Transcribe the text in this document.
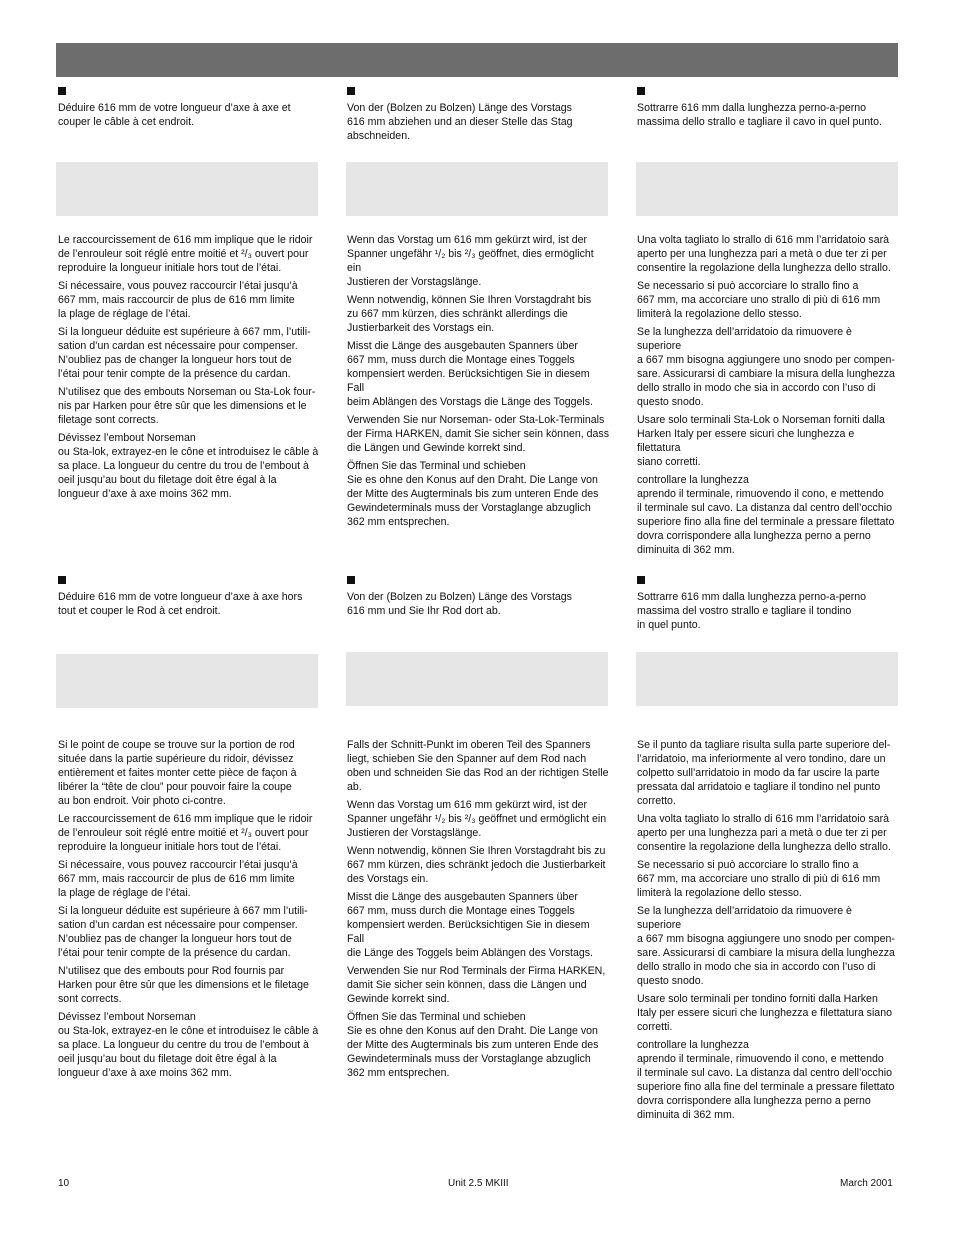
Déduire 616 mm de votre longueur d’axe à axe et
couper le câble à cet endroit.

Von der (Bolzen zu Bolzen) Länge des Vorstags
616 mm abziehen und an dieser Stelle das Stag
abschneiden.

Sottrarre 616 mm dalla lunghezza perno-a-perno
massima dello strallo e tagliare il cavo in quel punto.

Le raccourcissement de 616 mm implique que le ridoir
de l’enrouleur soit réglé entre moitié et ²/₃ ouvert pour
reproduire la longueur initiale hors tout de l’étai.

Si nécessaire, vous pouvez raccourcir l’étai jusqu’à
667 mm, mais raccourcir de plus de 616 mm limite
la plage de réglage de l’étai.

Si la longueur déduite est supérieure à 667 mm, l’utili-
sation d’un cardan est nécessaire pour compenser.
N’oubliez pas de changer la longueur hors tout de
l’étai pour tenir compte de la présence du cardan.

N’utilisez que des embouts Norseman ou Sta-Lok four-
nis par Harken pour être sûr que les dimensions et le
filetage sont corrects.

Dévissez l’embout Norseman
ou Sta-lok, extrayez-en le cône et introduisez le câble à
sa place. La longueur du centre du trou de l’embout à
oeil jusqu’au bout du filetage doit être égal à la
longueur d’axe à axe moins 362 mm.

Wenn das Vorstag um 616 mm gekürzt wird, ist der
Spanner ungefähr ¹/₂ bis ²/₃ geöffnet, dies ermöglicht ein
Justieren der Vorstagslänge.

Wenn notwendig, können Sie Ihren Vorstagdraht bis
zu 667 mm kürzen, dies schränkt allerdings die
Justierbarkeit des Vorstags ein.

Misst die Länge des ausgebauten Spanners über
667 mm, muss durch die Montage eines Toggels
kompensiert werden. Berücksichtigen Sie in diesem Fall
beim Ablängen des Vorstags die Länge des Toggels.

Verwenden Sie nur Norseman- oder Sta-Lok-Terminals
der Firma HARKEN, damit Sie sicher sein können, dass
die Längen und Gewinde korrekt sind.

Öffnen Sie das Terminal und schieben
Sie es ohne den Konus auf den Draht. Die Lange von
der Mitte des Augterminals bis zum unteren Ende des
Gewindeterminals muss der Vorstaglange abzuglich
362 mm entsprechen.

Una volta tagliato lo strallo di 616 mm l’arridatoio sarà
aperto per una lunghezza pari a metà o due ter zi per
consentire la regolazione della lunghezza dello strallo.

Se necessario si può accorciare lo strallo fino a
667 mm, ma accorciare uno strallo di più di 616 mm
limiterà la regolazione dello stesso.

Se la lunghezza dell’arridatoio da rimuovere è superiore
a 667 mm bisogna aggiungere uno snodo per compen-
sare. Assicurarsi di cambiare la misura della lunghezza
dello strallo in modo che sia in accordo con l’uso di
questo snodo.

Usare solo terminali Sta-Lok o Norseman forniti dalla
Harken Italy per essere sicuri che lunghezza e filettatura
siano corretti.

controllare la lunghezza
aprendo il terminale, rimuovendo il cono, e mettendo
il terminale sul cavo. La distanza dal centro dell’occhio
superiore fino alla fine del terminale a pressare filettato
dovra corrispondere alla lunghezza perno a perno
diminuita di 362 mm.

Déduire 616 mm de votre longueur d’axe à axe hors
tout et couper le Rod à cet endroit.

Von der (Bolzen zu Bolzen) Länge des Vorstags
616 mm und Sie Ihr Rod dort ab.

Sottrarre 616 mm dalla lunghezza perno-a-perno
massima del vostro strallo e tagliare il tondino
in quel punto.

Si le point de coupe se trouve sur la portion de rod
située dans la partie supérieure du ridoir, dévissez
entièrement et faites monter cette pièce de façon à
libérer la “tête de clou” pour pouvoir faire la coupe
au bon endroit. Voir photo ci-contre.

Le raccourcissement de 616 mm implique que le ridoir
de l’enrouleur soit réglé entre moitié et ²/₃ ouvert pour
reproduire la longueur initiale hors tout de l’étai.

Si nécessaire, vous pouvez raccourcir l’étai jusqu’à
667 mm, mais raccourcir de plus de 616 mm limite
la plage de réglage de l’étai.

Si la longueur déduite est supérieure à 667 mm l’utili-
sation d’un cardan est nécessaire pour compenser.
N’oubliez pas de changer la longueur hors tout de
l’étai pour tenir compte de la présence du cardan.

N’utilisez que des embouts pour Rod fournis par
Harken pour être sûr que les dimensions et le filetage
sont corrects.

Dévissez l’embout Norseman
ou Sta-lok, extrayez-en le cône et introduisez le câble à
sa place. La longueur du centre du trou de l’embout à
oeil jusqu’au bout du filetage doit être égal à la
longueur d’axe à axe moins 362 mm.

Falls der Schnitt-Punkt im oberen Teil des Spanners
liegt, schieben Sie den Spanner auf dem Rod nach
oben und schneiden Sie das Rod an der richtigen Stelle
ab.

Wenn das Vorstag um 616 mm gekürzt wird, ist der
Spanner ungefähr ¹/₂ bis ²/₃ geöffnet und ermöglicht ein
Justieren der Vorstagslänge.

Wenn notwendig, können Sie Ihren Vorstagdraht bis zu
667 mm kürzen, dies schränkt jedoch die Justierbarkeit
des Vorstags ein.

Misst die Länge des ausgebauten Spanners über
667 mm, muss durch die Montage eines Toggels
kompensiert werden. Berücksichtigen Sie in diesem Fall
die Länge des Toggels beim Ablängen des Vorstags.

Verwenden Sie nur Rod Terminals der Firma HARKEN,
damit Sie sicher sein können, dass die Längen und
Gewinde korrekt sind.

Öffnen Sie das Terminal und schieben
Sie es ohne den Konus auf den Draht. Die Lange von
der Mitte des Augterminals bis zum unteren Ende des
Gewindeterminals muss der Vorstaglange abzuglich
362 mm entsprechen.

Se il punto da tagliare risulta sulla parte superiore del-
l’arridatoio, ma inferiormente al vero tondino, dare un
colpetto sull’arridatoio in modo da far uscire la parte
pressata dal arridatoio e tagliare il tondino nel punto
corretto.

Una volta tagliato lo strallo di 616 mm l’arridatoio sarà
aperto per una lunghezza pari a metà o due ter zi per
consentire la regolazione della lunghezza dello strallo.

Se necessario si può accorciare lo strallo fino a
667 mm, ma accorciare uno strallo di più di 616 mm
limiterà la regolazione dello stesso.

Se la lunghezza dell’arridatoio da rimuovere è superiore
a 667 mm bisogna aggiungere uno snodo per compen-
sare. Assicurarsi di cambiare la misura della lunghezza
dello strallo in modo che sia in accordo con l’uso di
questo snodo.

Usare solo terminali per tondino forniti dalla Harken
Italy per essere sicuri che lunghezza e filettatura siano
corretti.

controllare la lunghezza
aprendo il terminale, rimuovendo il cono, e mettendo
il terminale sul cavo. La distanza dal centro dell’occhio
superiore fino alla fine del terminale a pressare filettato
dovra corrispondere alla lunghezza perno a perno
diminuita di 362 mm.

10	Unit 2.5 MKIII	March 2001
